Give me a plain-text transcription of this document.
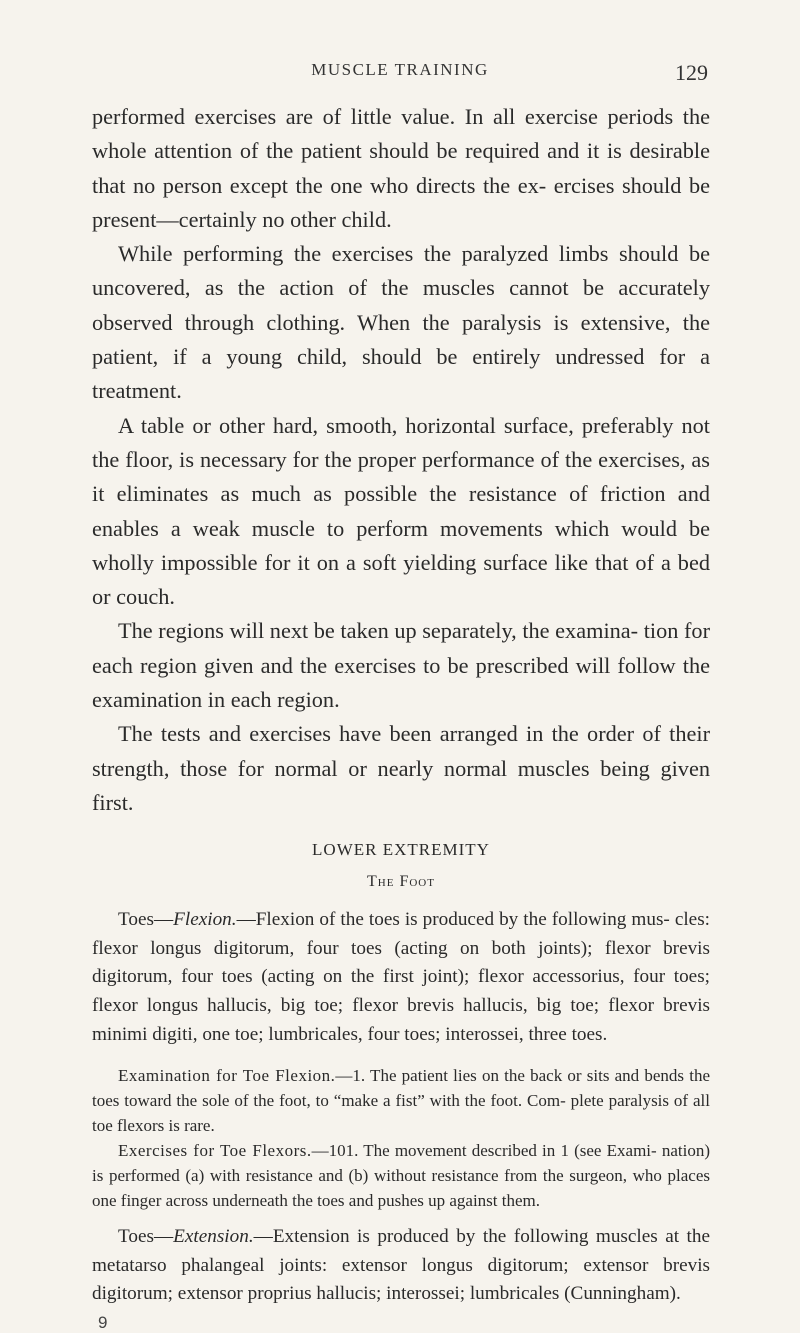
MUSCLE TRAINING	129

performed exercises are of little value. In all exercise periods the whole attention of the patient should be required and it is desirable that no person except the one who directs the ex- ercises should be present—certainly no other child.

While performing the exercises the paralyzed limbs should be uncovered, as the action of the muscles cannot be accurately observed through clothing. When the paralysis is extensive, the patient, if a young child, should be entirely undressed for a treatment.

A table or other hard, smooth, horizontal surface, preferably not the floor, is necessary for the proper performance of the exercises, as it eliminates as much as possible the resistance of friction and enables a weak muscle to perform movements which would be wholly impossible for it on a soft yielding surface like that of a bed or couch.

The regions will next be taken up separately, the examina- tion for each region given and the exercises to be prescribed will follow the examination in each region.

The tests and exercises have been arranged in the order of their strength, those for normal or nearly normal muscles being given first.

LOWER EXTREMITY
The Foot

Toes—Flexion.—Flexion of the toes is produced by the following mus- cles: flexor longus digitorum, four toes (acting on both joints); flexor brevis digitorum, four toes (acting on the first joint); flexor accessorius, four toes; flexor longus hallucis, big toe; flexor brevis hallucis, big toe; flexor brevis minimi digiti, one toe; lumbricales, four toes; interossei, three toes.

Examination for Toe Flexion.—1. The patient lies on the back or sits and bends the toes toward the sole of the foot, to “make a fist” with the foot. Com- plete paralysis of all toe flexors is rare.

Exercises for Toe Flexors.—101. The movement described in 1 (see Exami- nation) is performed (a) with resistance and (b) without resistance from the surgeon, who places one finger across underneath the toes and pushes up against them.

Toes—Extension.—Extension is produced by the following muscles at the metatarso phalangeal joints: extensor longus digitorum; extensor brevis digitorum; extensor proprius hallucis; interossei; lumbricales (Cunningham).

9
